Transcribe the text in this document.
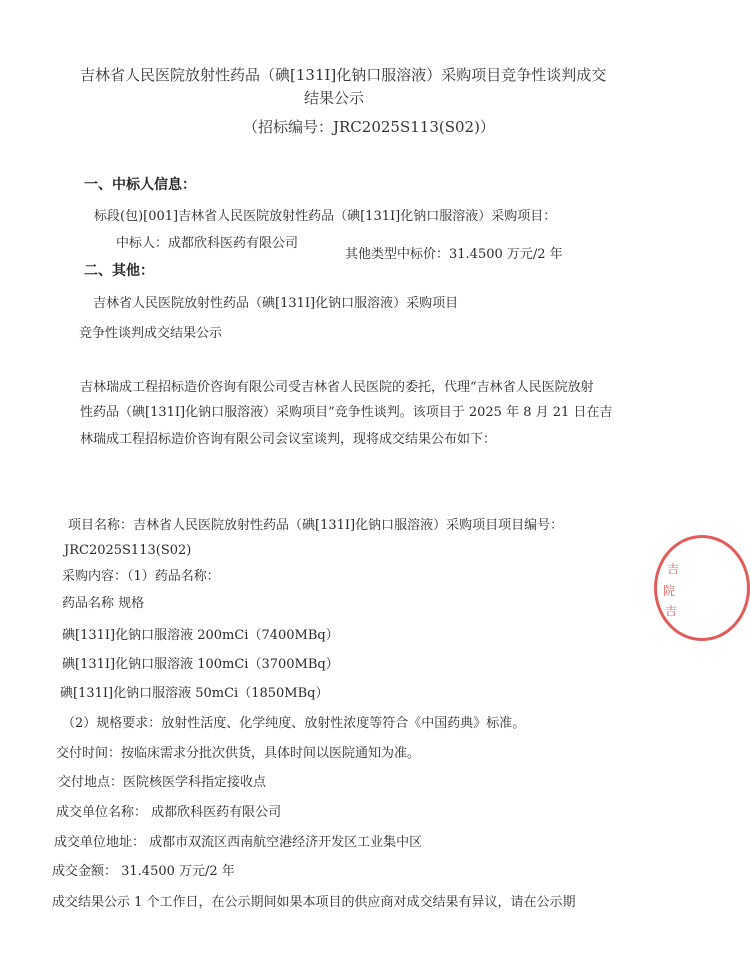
吉林省人民医院放射性药品（碘[131I]化钠口服溶液）采购项目竞争性谈判成交
结果公示
（招标编号：JRC2025S113(S02)）
一、中标人信息：
标段(包)[001]吉林省人民医院放射性药品（碘[131I]化钠口服溶液）采购项目：
中标人：成都欣科医药有限公司
其他类型中标价：31.4500 万元/2 年
二、其他：
吉林省人民医院放射性药品（碘[131I]化钠口服溶液）采购项目
竞争性谈判成交结果公示
吉林瑞成工程招标造价咨询有限公司受吉林省人民医院的委托，代理“吉林省人民医院放射
性药品（碘[131I]化钠口服溶液）采购项目”竞争性谈判。该项目于 2025 年 8 月 21 日在吉
林瑞成工程招标造价咨询有限公司会议室谈判，现将成交结果公布如下：
项目名称：吉林省人民医院放射性药品（碘[131I]化钠口服溶液）采购项目项目编号：
JRC2025S113(S02)
采购内容：（1）药品名称：
药品名称 规格
碘[131I]化钠口服溶液 200mCi（7400MBq）
碘[131I]化钠口服溶液 100mCi（3700MBq）
碘[131I]化钠口服溶液 50mCi（1850MBq）
（2）规格要求：放射性活度、化学纯度、放射性浓度等符合《中国药典》标准。
交付时间：按临床需求分批次供货，具体时间以医院通知为准。
交付地点：医院核医学科指定接收点
成交单位名称： 成都欣科医药有限公司
成交单位地址： 成都市双流区西南航空港经济开发区工业集中区
成交金额： 31.4500 万元/2 年
成交结果公示 1 个工作日，在公示期间如果本项目的供应商对成交结果有异议，请在公示期
吉
院
吉
